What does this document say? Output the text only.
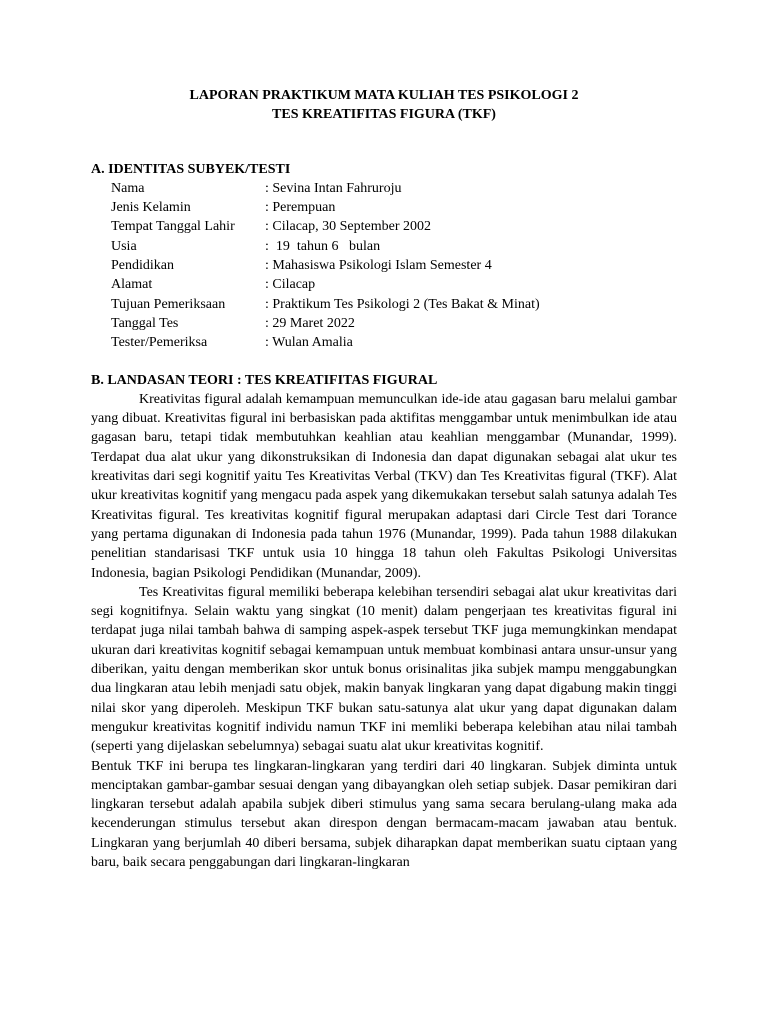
LAPORAN PRAKTIKUM MATA KULIAH TES PSIKOLOGI 2

TES KREATIFITAS FIGURA (TKF)

A. IDENTITAS SUBYEK/TESTI

Nama	: Sevina Intan Fahruroju
Jenis Kelamin	: Perempuan
Tempat Tanggal Lahir	: Cilacap, 30 September 2002
Usia	:  19  tahun 6   bulan
Pendidikan	: Mahasiswa Psikologi Islam Semester 4
Alamat	: Cilacap
Tujuan Pemeriksaan	: Praktikum Tes Psikologi 2 (Tes Bakat & Minat)
Tanggal Tes	: 29 Maret 2022
Tester/Pemeriksa	: Wulan Amalia

B. LANDASAN TEORI : TES KREATIFITAS FIGURAL

Kreativitas figural adalah kemampuan memunculkan ide-ide atau gagasan baru melalui gambar yang dibuat. Kreativitas figural ini berbasiskan pada aktifitas menggambar untuk menimbulkan ide atau gagasan baru, tetapi tidak membutuhkan keahlian atau keahlian menggambar (Munandar, 1999). Terdapat dua alat ukur yang dikonstruksikan di Indonesia dan dapat digunakan sebagai alat ukur tes kreativitas dari segi kognitif yaitu Tes Kreativitas Verbal (TKV) dan Tes Kreativitas figural (TKF). Alat ukur kreativitas kognitif yang mengacu pada aspek yang dikemukakan tersebut salah satunya adalah Tes Kreativitas figural. Tes kreativitas kognitif figural merupakan adaptasi dari Circle Test dari Torance yang pertama digunakan di Indonesia pada tahun 1976 (Munandar, 1999). Pada tahun 1988 dilakukan penelitian standarisasi TKF untuk usia 10 hingga 18 tahun oleh Fakultas Psikologi Universitas Indonesia, bagian Psikologi Pendidikan (Munandar, 2009).

Tes Kreativitas figural memiliki beberapa kelebihan tersendiri sebagai alat ukur kreativitas dari segi kognitifnya. Selain waktu yang singkat (10 menit) dalam pengerjaan tes kreativitas figural ini terdapat juga nilai tambah bahwa di samping aspek-aspek tersebut TKF juga memungkinkan mendapat ukuran dari kreativitas kognitif sebagai kemampuan untuk membuat kombinasi antara unsur-unsur yang diberikan, yaitu dengan memberikan skor untuk bonus orisinalitas jika subjek mampu menggabungkan dua lingkaran atau lebih menjadi satu objek, makin banyak lingkaran yang dapat digabung makin tinggi nilai skor yang diperoleh. Meskipun TKF bukan satu-satunya alat ukur yang dapat digunakan dalam mengukur kreativitas kognitif individu namun TKF ini memliki beberapa kelebihan atau nilai tambah (seperti yang dijelaskan sebelumnya) sebagai suatu alat ukur kreativitas kognitif.

Bentuk TKF ini berupa tes lingkaran-lingkaran yang terdiri dari 40 lingkaran. Subjek diminta untuk menciptakan gambar-gambar sesuai dengan yang dibayangkan oleh setiap subjek. Dasar pemikiran dari lingkaran tersebut adalah apabila subjek diberi stimulus yang sama secara berulang-ulang maka ada kecenderungan stimulus tersebut akan direspon dengan bermacam-macam jawaban atau bentuk. Lingkaran yang berjumlah 40 diberi bersama, subjek diharapkan dapat memberikan suatu ciptaan yang baru, baik secara penggabungan dari lingkaran-lingkaran
